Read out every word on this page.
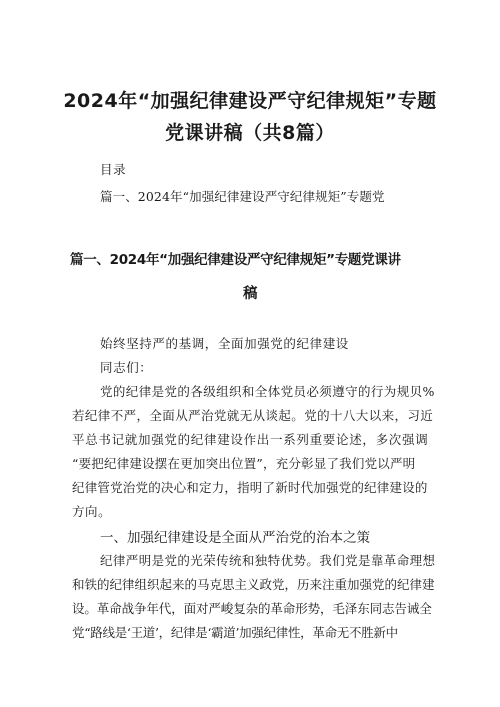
2024年“加强纪律建设严守纪律规矩”专题
党课讲稿（共8篇）
目录
篇一、2024年“加强纪律建设严守纪律规矩”专题党
篇一、2024年“加强纪律建设严守纪律规矩”专题党课讲
稿
始终坚持严的基调，全面加强党的纪律建设
同志们：
党的纪律是党的各级组织和全体党员必须遵守的行为规贝%
若纪律不严，全面从严治党就无从谈起。党的十八大以来，习近
平总书记就加强党的纪律建设作出一系列重要论述，多次强调
“要把纪律建设摆在更加突出位置”，充分彰显了我们党以严明
纪律管党治党的决心和定力，指明了新时代加强党的纪律建设的
方向。
一、加强纪律建设是全面从严治党的治本之策
纪律严明是党的光荣传统和独特优势。我们党是靠革命理想
和铁的纪律组织起来的马克思主义政党，历来注重加强党的纪律建
设。革命战争年代，面对严峻复杂的革命形势，毛泽东同志告诫全
党“路线是‘王道’，纪律是‘霸道’加强纪律性，革命无不胜新中
